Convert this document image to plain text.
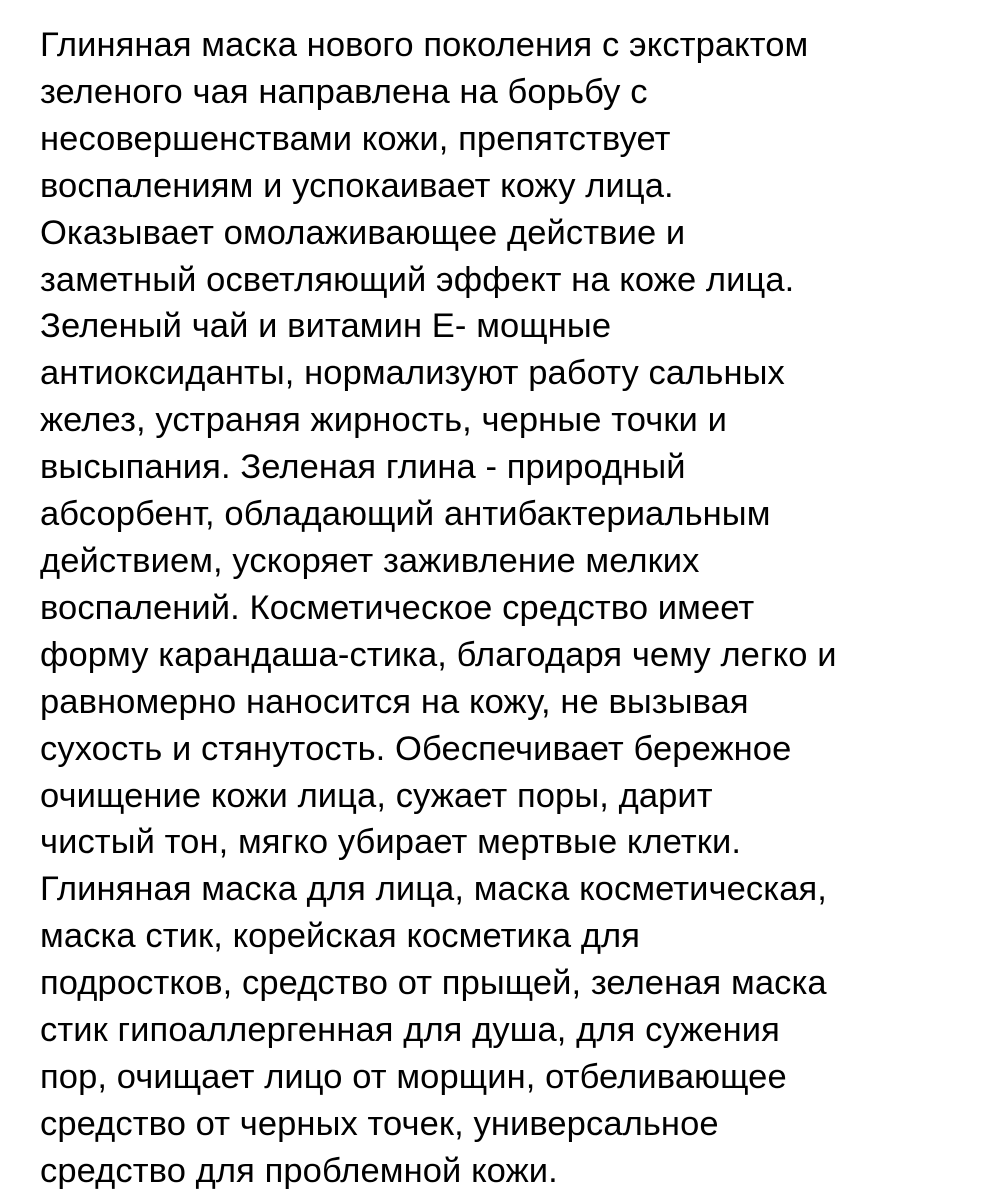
Глиняная маска нового поколения с экстрактом
зеленого чая направлена на борьбу с
несовершенствами кожи, препятствует
воспалениям и успокаивает кожу лица.
Оказывает омолаживающее действие и
заметный осветляющий эффект на коже лица.
Зеленый чай и витамин Е- мощные
антиоксиданты, нормализуют работу сальных
желез, устраняя жирность, черные точки и
высыпания. Зеленая глина - природный
абсорбент, обладающий антибактериальным
действием, ускоряет заживление мелких
воспалений. Косметическое средство имеет
форму карандаша-стика, благодаря чему легко и
равномерно наносится на кожу, не вызывая
сухость и стянутость. Обеспечивает бережное
очищение кожи лица, сужает поры, дарит
чистый тон, мягко убирает мертвые клетки.
Глиняная маска для лица, маска косметическая,
маска стик, корейская косметика для
подростков, средство от прыщей, зеленая маска
стик гипоаллергенная для душа, для сужения
пор, очищает лицо от морщин, отбеливающее
средство от черных точек, универсальное
средство для проблемной кожи.
